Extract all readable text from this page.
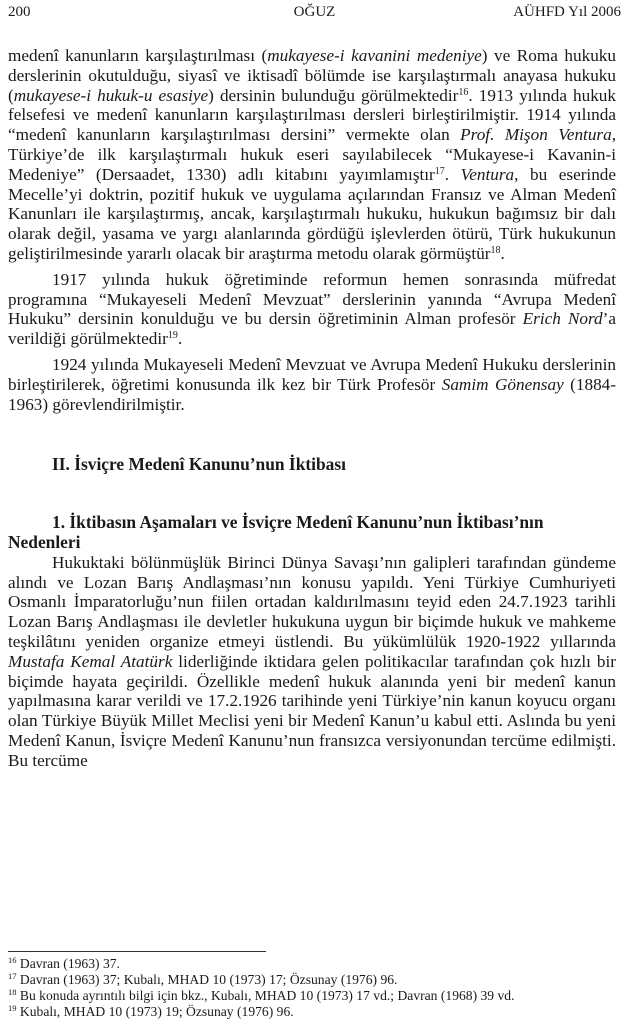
200	OĞUZ	AÜHFD Yıl 2006

medenî kanunların karşılaştırılması (mukayese-i kavanini medeniye) ve Roma hukuku derslerinin okutulduğu, siyasî ve iktisadî bölümde ise karşılaştırmalı anayasa hukuku (mukayese-i hukuk-u esasiye) dersinin bulunduğu görülmektedir$^{16}$. 1913 yılında hukuk felsefesi ve medenî kanunların karşılaştırılması dersleri birleştirilmiştir. 1914 yılında “medenî kanunların karşılaştırılması dersini” vermekte olan Prof. Mişon Ventura, Türkiye’de ilk karşılaştırmalı hukuk eseri sayılabilecek “Mukayese-i Kavanin-i Medeniye” (Dersaadet, 1330) adlı kitabını yayımlamıştır$^{17}$. Ventura, bu eserinde Mecelle’yi doktrin, pozitif hukuk ve uygulama açılarından Fransız ve Alman Medenî Kanunları ile karşılaştırmış, ancak, karşılaştırmalı hukuku, hukukun bağımsız bir dalı olarak değil, yasama ve yargı alanlarında gördüğü işlevlerden ötürü, Türk hukukunun geliştirilmesinde yararlı olacak bir araştırma metodu olarak görmüştür$^{18}$.

1917 yılında hukuk öğretiminde reformun hemen sonrasında müfredat programına “Mukayeseli Medenî Mevzuat” derslerinin yanında “Avrupa Medenî Hukuku” dersinin konulduğu ve bu dersin öğretiminin Alman profesör Erich Nord’a verildiği görülmektedir$^{19}$.

1924 yılında Mukayeseli Medenî Mevzuat ve Avrupa Medenî Hukuku derslerinin birleştirilerek, öğretimi konusunda ilk kez bir Türk Profesör Samim Gönensay (1884-1963) görevlendirilmiştir.

II. İsviçre Medenî Kanunu’nun İktibası
1. İktibasın Aşamaları ve İsviçre Medenî Kanunu’nun İktibası’nın Nedenleri

Hukuktaki bölünmüşlük Birinci Dünya Savaşı’nın galipleri tarafından gündeme alındı ve Lozan Barış Andlaşması’nın konusu yapıldı. Yeni Türkiye Cumhuriyeti Osmanlı İmparatorluğu’nun fiilen ortadan kaldırılmasını teyid eden 24.7.1923 tarihli Lozan Barış Andlaşması ile devletler hukukuna uygun bir biçimde hukuk ve mahkeme teşkilâtını yeniden organize etmeyi üstlendi. Bu yükümlülük 1920-1922 yıllarında Mustafa Kemal Atatürk liderliğinde iktidara gelen politikacılar tarafından çok hızlı bir biçimde hayata geçirildi. Özellikle medenî hukuk alanında yeni bir medenî kanun yapılmasına karar verildi ve 17.2.1926 tarihinde yeni Türkiye’nin kanun koyucu organı olan Türkiye Büyük Millet Meclisi yeni bir Medenî Kanun’u kabul etti. Aslında bu yeni Medenî Kanun, İsviçre Medenî Kanunu’nun fransızca versiyonundan tercüme edilmişti. Bu tercüme

$^{16}$ Davran (1963) 37.
$^{17}$ Davran (1963) 37; Kubalı, MHAD 10 (1973) 17; Özsunay (1976) 96.
$^{18}$ Bu konuda ayrıntılı bilgi için bkz., Kubalı, MHAD 10 (1973) 17 vd.; Davran (1968) 39 vd.
$^{19}$ Kubalı, MHAD 10 (1973) 19; Özsunay (1976) 96.
